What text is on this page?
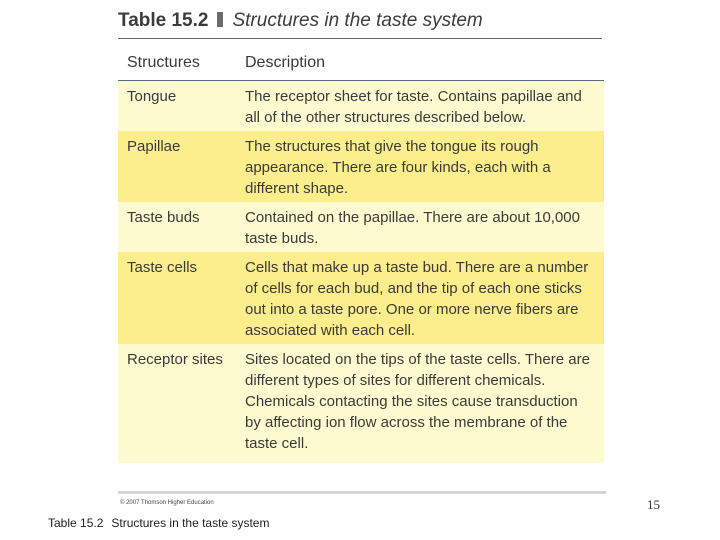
Table 15.2 Structures in the taste system
Structures	Description
Tongue	The receptor sheet for taste. Contains papillae and all of the other structures described below.
Papillae	The structures that give the tongue its rough appearance. There are four kinds, each with a different shape.
Taste buds	Contained on the papillae. There are about 10,000 taste buds.
Taste cells	Cells that make up a taste bud. There are a number of cells for each bud, and the tip of each one sticks out into a taste pore. One or more nerve fibers are associated with each cell.
Receptor sites	Sites located on the tips of the taste cells. There are different types of sites for different chemicals. Chemicals contacting the sites cause transduction by affecting ion flow across the membrane of the taste cell.
© 2007 Thomson Higher Education	15
Table 15.2 Structures in the taste system
